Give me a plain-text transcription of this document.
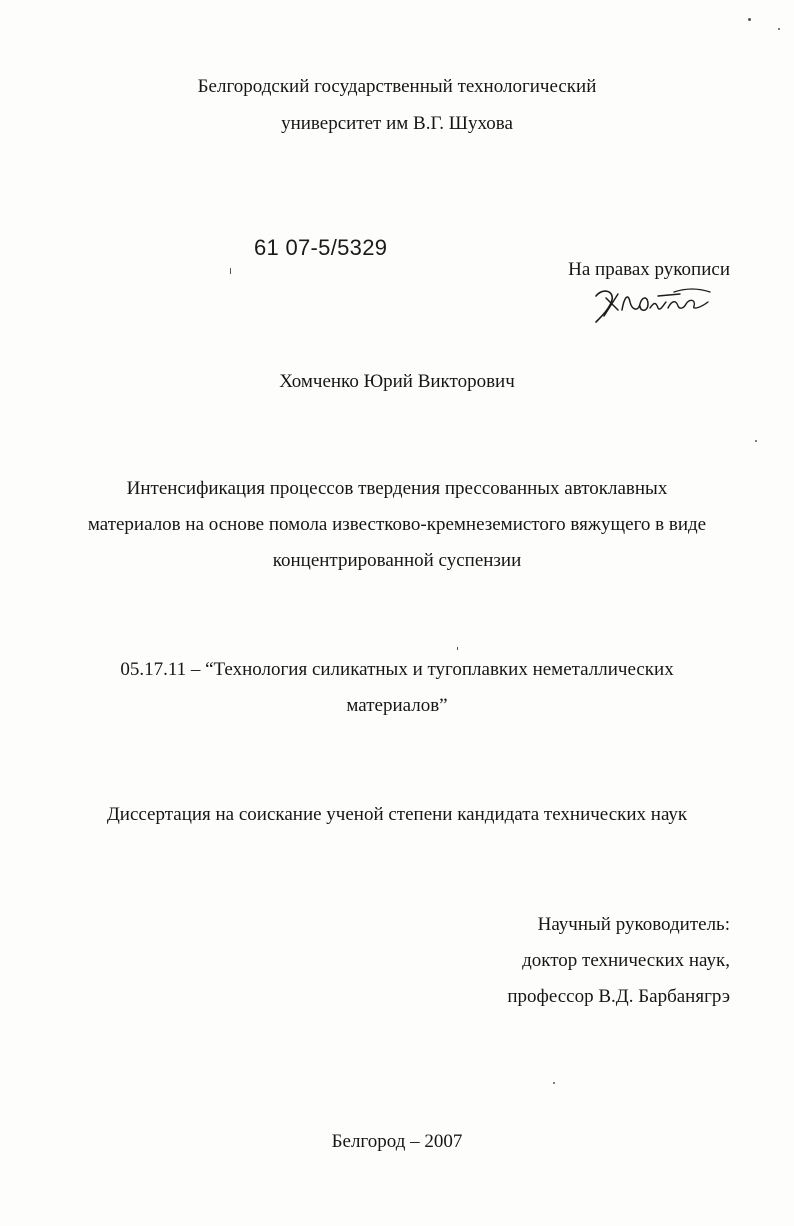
Белгородский государственный технологический
университет им В.Г. Шухова
61 07-5/5329
На правах рукописи
Хомченко Юрий Викторович
Интенсификация процессов твердения прессованных автоклавных
материалов на основе помола известково-кремнеземистого вяжущего в виде
концентрированной суспензии
05.17.11 – “Технология силикатных и тугоплавких неметаллических
материалов”
Диссертация на соискание ученой степени кандидата технических наук
Научный руководитель:
доктор технических наук,
профессор В.Д. Барбанягрэ
Белгород – 2007
